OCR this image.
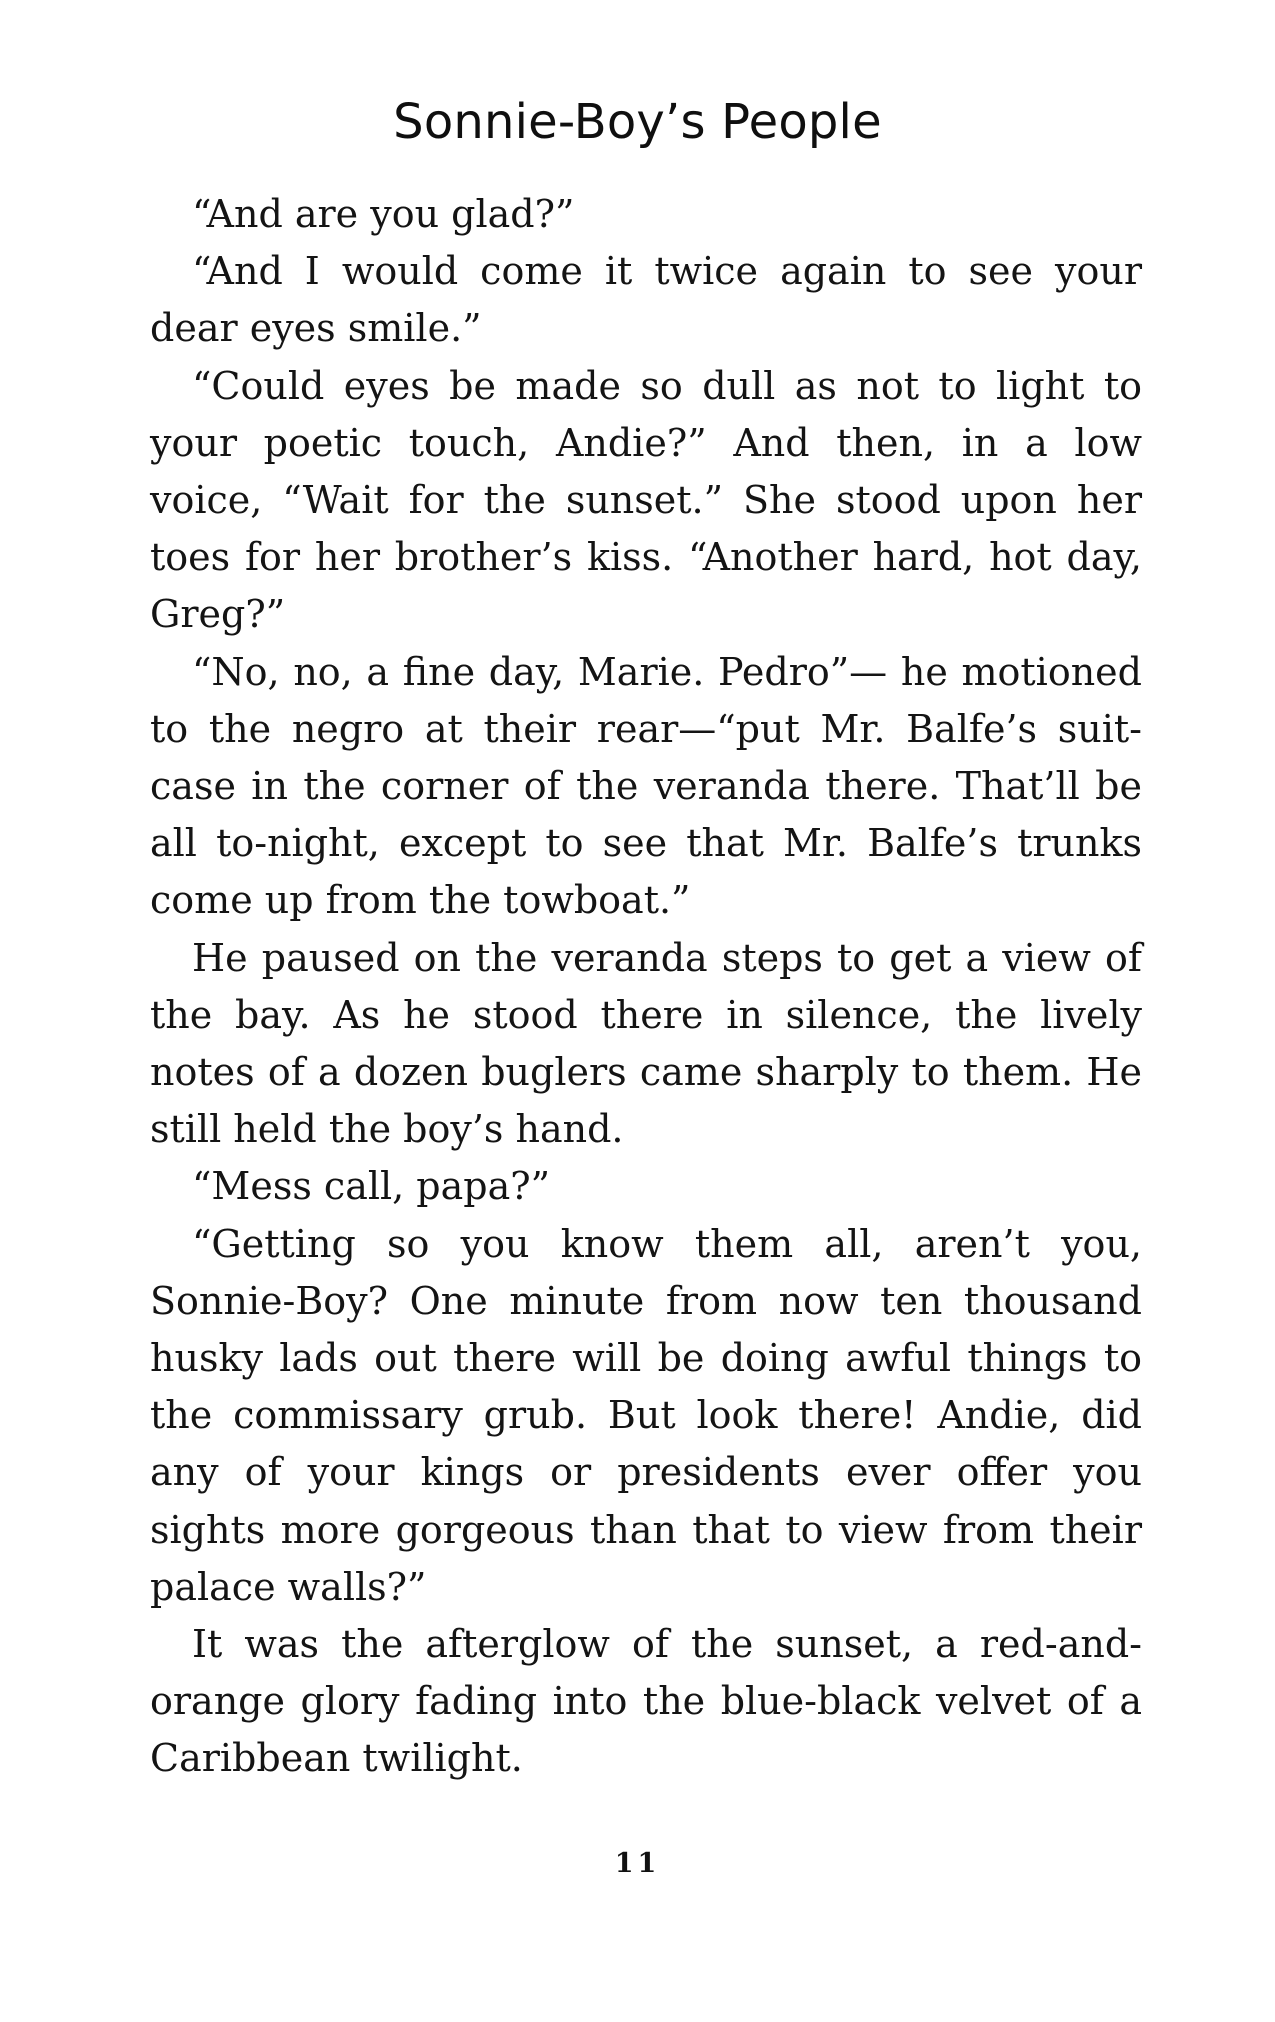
Sonnie-Boy’s People

“And are you glad?”

“And I would come it twice again to see your dear eyes smile.”

“Could eyes be made so dull as not to light to your poetic touch, Andie?” And then, in a low voice, “Wait for the sunset.” She stood upon her toes for her brother’s kiss. “Another hard, hot day, Greg?”

“No, no, a fine day, Marie. Pedro”— he motioned to the negro at their rear—“put Mr. Balfe’s suit-case in the corner of the veranda there. That’ll be all to-night, except to see that Mr. Balfe’s trunks come up from the towboat.”

He paused on the veranda steps to get a view of the bay. As he stood there in silence, the lively notes of a dozen buglers came sharply to them. He still held the boy’s hand.

“Mess call, papa?”

“Getting so you know them all, aren’t you, Sonnie-Boy? One minute from now ten thousand husky lads out there will be doing awful things to the commissary grub. But look there! Andie, did any of your kings or presidents ever offer you sights more gorgeous than that to view from their palace walls?”

It was the afterglow of the sunset, a red-and-orange glory fading into the blue-black velvet of a Caribbean twilight.

11
